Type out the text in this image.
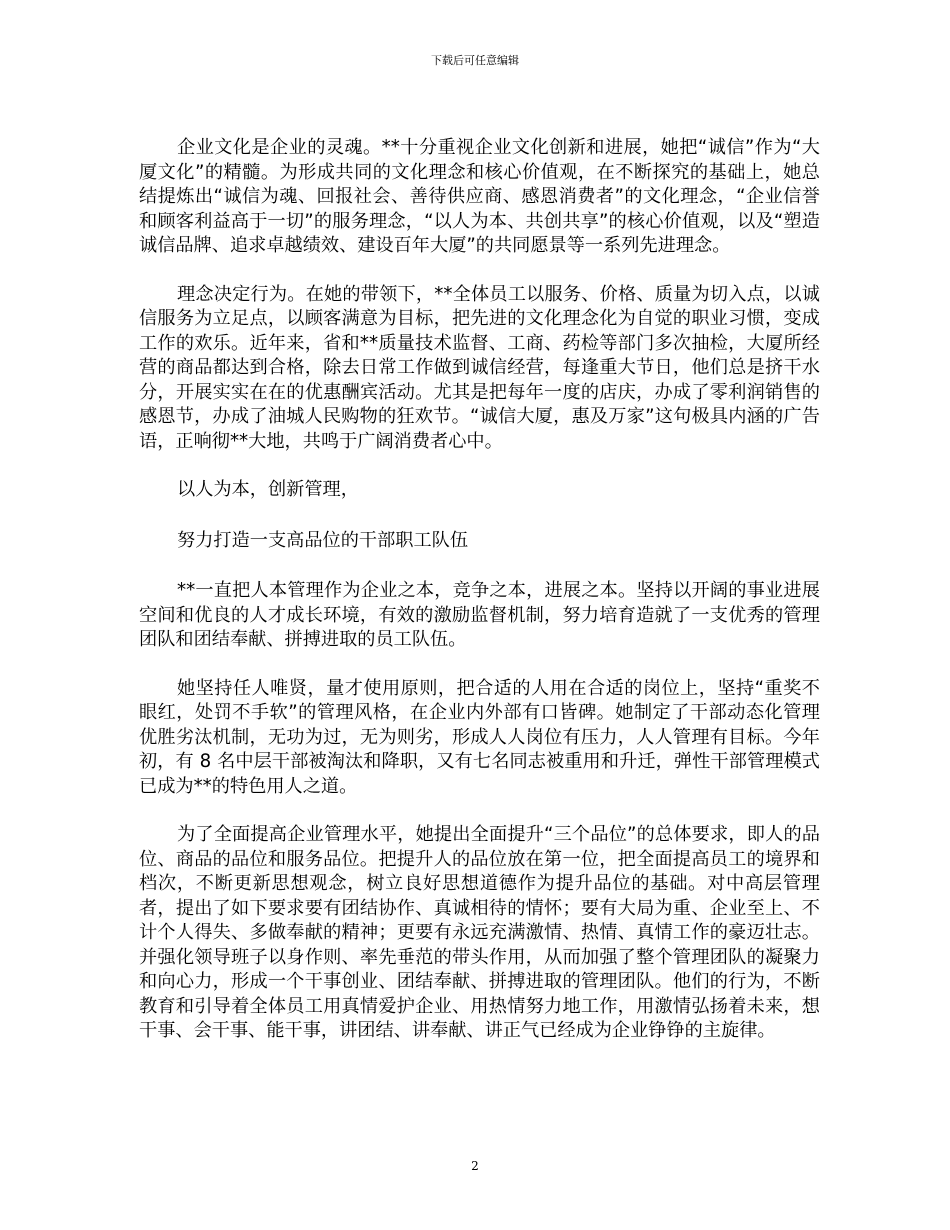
下载后可任意编辑

企业文化是企业的灵魂。**十分重视企业文化创新和进展，她把“诚信”作为“大厦文化”的精髓。为形成共同的文化理念和核心价值观，在不断探究的基础上，她总结提炼出“诚信为魂、回报社会、善待供应商、感恩消费者”的文化理念，“企业信誉和顾客利益高于一切”的服务理念，“以人为本、共创共享”的核心价值观，以及“塑造诚信品牌、追求卓越绩效、建设百年大厦”的共同愿景等一系列先进理念。

理念决定行为。在她的带领下，**全体员工以服务、价格、质量为切入点，以诚信服务为立足点，以顾客满意为目标，把先进的文化理念化为自觉的职业习惯，变成工作的欢乐。近年来，省和**质量技术监督、工商、药检等部门多次抽检，大厦所经营的商品都达到合格，除去日常工作做到诚信经营，每逢重大节日，他们总是挤干水分，开展实实在在的优惠酬宾活动。尤其是把每年一度的店庆，办成了零利润销售的感恩节，办成了油城人民购物的狂欢节。“诚信大厦，惠及万家”这句极具内涵的广告语，正响彻**大地，共鸣于广阔消费者心中。

以人为本，创新管理，

努力打造一支高品位的干部职工队伍

**一直把人本管理作为企业之本，竞争之本，进展之本。坚持以开阔的事业进展空间和优良的人才成长环境，有效的激励监督机制，努力培育造就了一支优秀的管理团队和团结奉献、拼搏进取的员工队伍。

她坚持任人唯贤，量才使用原则，把合适的人用在合适的岗位上，坚持“重奖不眼红，处罚不手软”的管理风格，在企业内外部有口皆碑。她制定了干部动态化管理优胜劣汰机制，无功为过，无为则劣，形成人人岗位有压力，人人管理有目标。今年初，有 8 名中层干部被淘汰和降职，又有七名同志被重用和升迁，弹性干部管理模式已成为**的特色用人之道。

为了全面提高企业管理水平，她提出全面提升“三个品位”的总体要求，即人的品位、商品的品位和服务品位。把提升人的品位放在第一位，把全面提高员工的境界和档次，不断更新思想观念，树立良好思想道德作为提升品位的基础。对中高层管理者，提出了如下要求要有团结协作、真诚相待的情怀；要有大局为重、企业至上、不计个人得失、多做奉献的精神；更要有永远充满激情、热情、真情工作的豪迈壮志。并强化领导班子以身作则、率先垂范的带头作用，从而加强了整个管理团队的凝聚力和向心力，形成一个干事创业、团结奉献、拼搏进取的管理团队。他们的行为，不断教育和引导着全体员工用真情爱护企业、用热情努力地工作，用激情弘扬着未来，想干事、会干事、能干事，讲团结、讲奉献、讲正气已经成为企业铮铮的主旋律。

2
